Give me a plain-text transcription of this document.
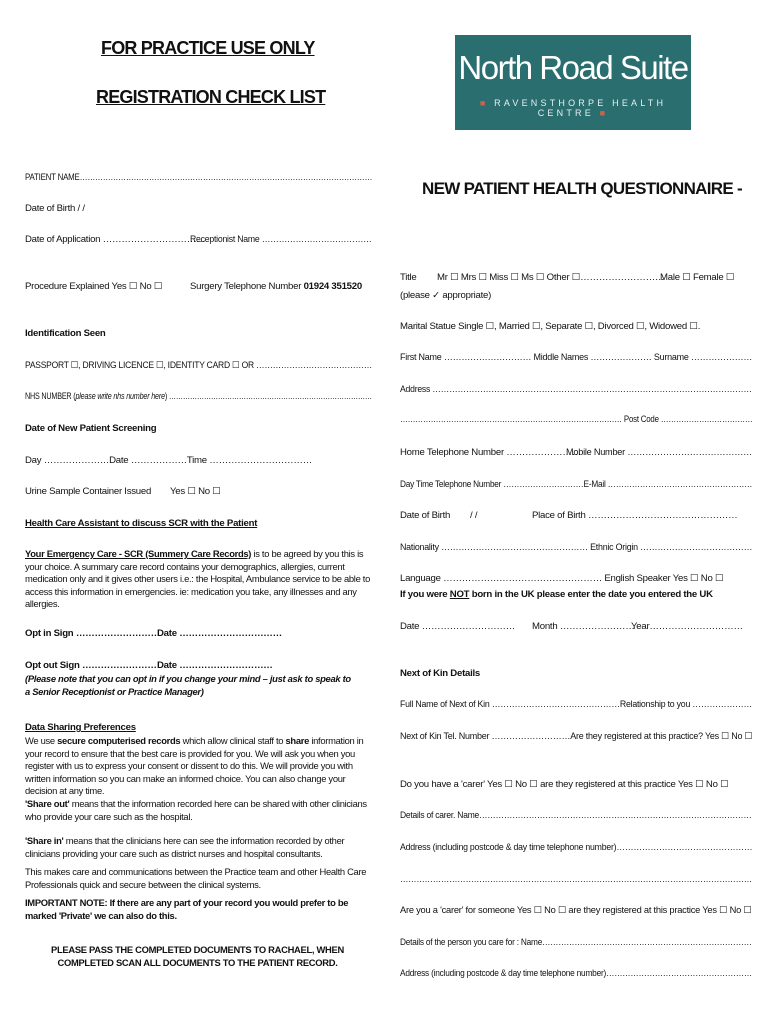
FOR PRACTICE USE ONLY
REGISTRATION CHECK LIST
North Road Suite
■ RAVENSTHORPE HEALTH CENTRE ■
NEW PATIENT HEALTH QUESTIONNAIRE -
PATIENT NAME……………………………………………………………………………………………………
Date of Birth / /
Date of Application ……………………………
Receptionist Name …………………………………
Procedure Explained Yes ☐ No ☐	Surgery Telephone Number 01924 351520
Identification Seen
PASSPORT ☐, DRIVING LICENCE ☐, IDENTITY CARD ☐ OR ……………………………………
NHS NUMBER (please write nhs number here) ……………………………………………………………………………
Date of New Patient Screening
Day …………………Date ………………Time ……………………………
Urine Sample Container Issued Yes ☐ No ☐
Health Care Assistant to discuss SCR with the Patient
Your Emergency Care - SCR (Summery Care Records) is to be agreed by you this is your choice. A summary care record contains your demographics, allergies, current medication only and it gives other users i.e.: the Hospital, Ambulance service to be able to access this information in emergencies. ie: medication you take, any illnesses and any allergies.
Opt in Sign ………………………
Date ……………………………
Opt out Sign …………………… Date …………………………
(Please note that you can opt in if you change your mind – just ask to speak to a Senior Receptionist or Practice Manager)
Data Sharing Preferences
We use secure computerised records which allow clinical staff to share information in your record to ensure that the best care is provided for you. We will ask you when you register with us to express your consent or dissent to do this. We will provide you with written information so you can make an informed choice. You can also change your decision at any time.
'Share out' means that the information recorded here can be shared with other clinicians who provide your care such as the hospital.
'Share in' means that the clinicians here can see the information recorded by other clinicians providing your care such as district nurses and hospital consultants.
This makes care and communications between the Practice team and other Health Care Professionals quick and secure between the clinical systems.
IMPORTANT NOTE: If there are any part of your record you would prefer to be marked 'Private' we can also do this.
PLEASE PASS THE COMPLETED DOCUMENTS TO RACHAEL, WHEN COMPLETED SCAN ALL DOCUMENTS TO THE PATIENT RECORD.
Title Mr ☐ Mrs ☐ Miss ☐ Ms ☐ Other ☐………………………
Male ☐ Female ☐
(please ✓ appropriate)
Marital Statue Single ☐, Married ☐, Separate ☐, Divorced ☐, Widowed ☐.
First Name ………………………… Middle Names ………………… Surname …………………
Address ……………………………………………………………………………………………………
…………………………………………………………………………… Post Code ………………………………
Home Telephone Number ……………………
Mobile Number ……………………………………
Day Time Telephone Number …………………………E-Mail ………………………………………………
Date of Birth / /	Place of Birth …………………………………………
Nationality …………………………………………… Ethnic Origin …………………………………
Language …………………………………………… English Speaker Yes ☐ No ☐
If you were NOT born in the UK please enter the date you entered the UK
Date ………………………… Month ……………………
Year…………………………
Next of Kin Details
Full Name of Next of Kin ………………………………………Relationship to you …………………
Next of Kin Tel. Number ………………………Are they registered at this practice? Yes ☐ No ☐
Do you have a 'carer' Yes ☐ No ☐ are they registered at this practice Yes ☐ No ☐
Details of carer. Name………………………………………………………………………………………
Address (including postcode & day time telephone number)…………………………………………
…………………………………………………………………………………………………………………
Are you a 'carer' for someone Yes ☐ No ☐ are they registered at this practice Yes ☐ No ☐
Details of the person you care for : Name……………………………………………………………………
Address (including postcode & day time telephone number)………………………………………………
